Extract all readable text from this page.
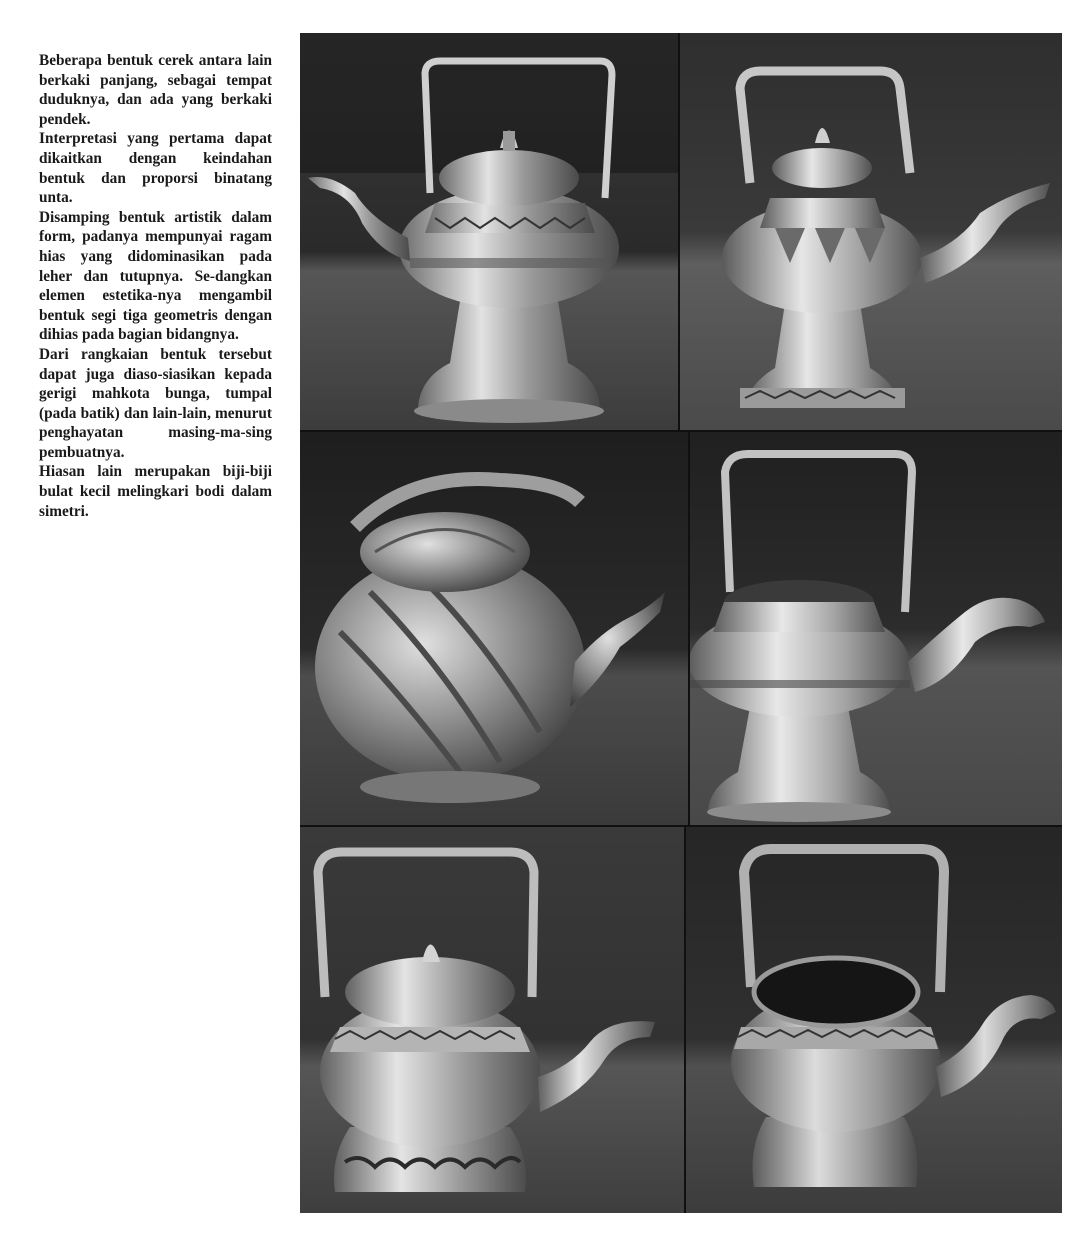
Beberapa bentuk cerek antara lain berkaki panjang, sebagai tempat duduknya, dan ada yang berkaki pendek.

Interpretasi yang pertama dapat dikaitkan dengan keindahan bentuk dan proporsi binatang unta.

Disamping bentuk artistik dalam form, padanya mempunyai ragam hias yang didominasikan pada leher dan tutupnya. Se-dangkan elemen estetika-nya mengambil bentuk segi tiga geometris dengan dihias pada bagian bidangnya.

Dari rangkaian bentuk tersebut dapat juga diaso-siasikan kepada gerigi mahkota bunga, tumpal (pada batik) dan lain-lain, menurut penghayatan masing-ma-sing pembuatnya.

Hiasan lain merupakan biji-biji bulat kecil melingkari bodi dalam simetri.
